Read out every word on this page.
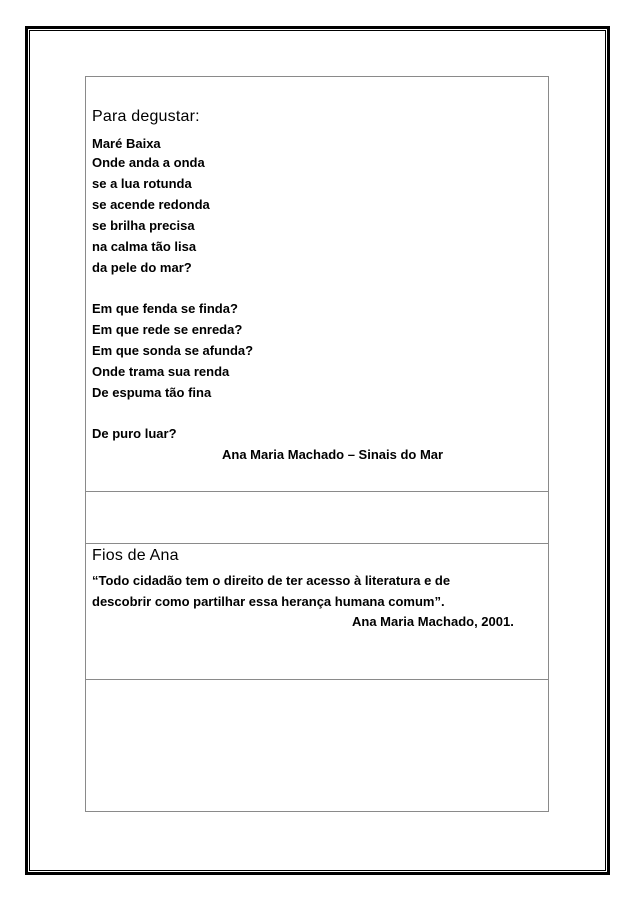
Para degustar:
Maré Baixa
Onde anda a onda
se a lua rotunda
se acende redonda
se brilha precisa
na calma tão lisa
da pele do mar?
Em que fenda se finda?
Em que rede se enreda?
Em que sonda se afunda?
Onde trama sua renda
De espuma tão fina
De puro luar?
Ana Maria Machado – Sinais do Mar
Fios de Ana
“Todo cidadão tem o direito de ter acesso à literatura e de
descobrir como partilhar essa herança humana comum”.
Ana Maria Machado, 2001.
